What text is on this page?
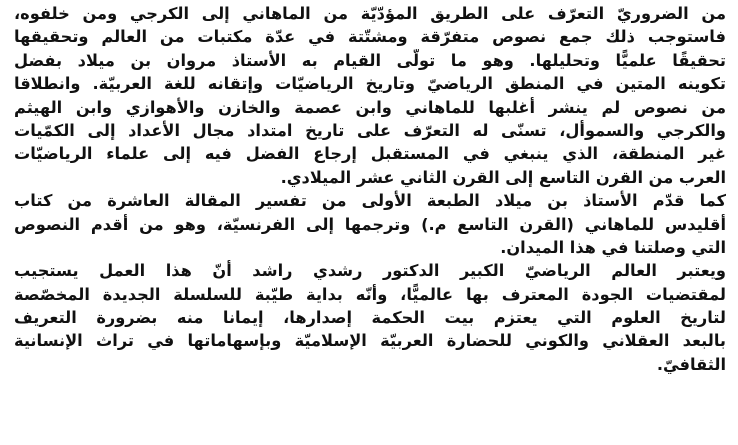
من الضروريّ التعرّف على الطريق المؤدّيّة من الماهاني إلى الكرجي ومن خلفوه،
فاستوجب ذلك جمع نصوص متفرّقة ومشتّتة في عدّة مكتبات من العالم وتحقيقها
تحقيقًا علميًّا وتحليلها. وهو ما تولّى القيام به الأستاذ مروان بن ميلاد بفضل
تكوينه المتين في المنطق الرياضيّ وتاريخ الرياضيّات وإتقانه للغة العربيّة. وانطلاقا
من نصوص لم ينشر أغلبها للماهاني وابن عصمة والخازن والأهوازي وابن الهيثم
والكرجي والسموأل، تسنّى له التعرّف على تاريخ امتداد مجال الأعداد إلى الكمّيات
غير المنطقة، الذي ينبغي في المستقبل إرجاع الفضل فيه إلى علماء الرياضيّات
العرب من القرن التاسع إلى القرن الثاني عشر الميلادي.
كما قدّم الأستاذ بن ميلاد الطبعة الأولى من تفسير المقالة العاشرة من كتاب
أقليدس للماهاني (القرن التاسع م.) وترجمها إلى الفرنسيّة، وهو من أقدم النصوص
التي وصلتنا في هذا الميدان.
ويعتبر العالم الرياضيّ الكبير الدكتور رشدي راشد أنّ هذا العمل يستجيب
لمقتضيات الجودة المعترف بها عالميًّا، وأنّه بداية طيّبة للسلسلة الجديدة المخصّصة
لتاريخ العلوم التي يعتزم بيت الحكمة إصدارها، إيمانا منه بضرورة التعريف
بالبعد العقلاني والكوني للحضارة العربيّة الإسلاميّة وبإسهاماتها في تراث الإنسانية
الثقافيّ.
